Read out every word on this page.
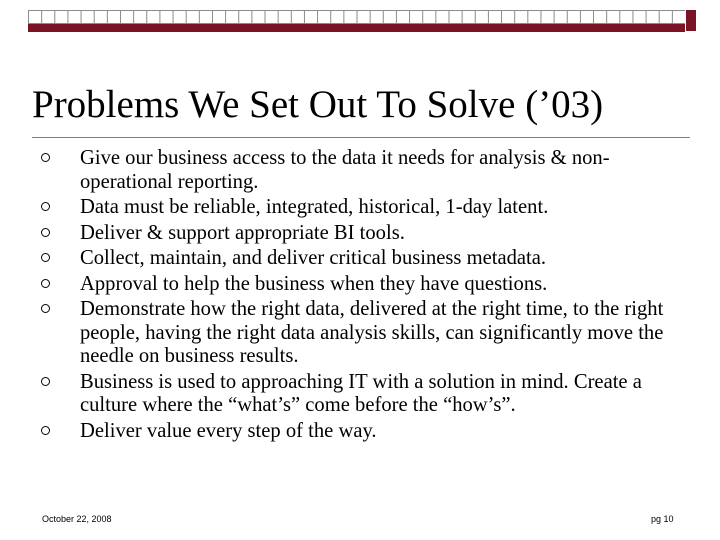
Problems We Set Out To Solve (’03)
Give our business access to the data it needs for analysis & non-operational reporting.
Data must be reliable, integrated, historical, 1-day latent.
Deliver & support appropriate BI tools.
Collect, maintain, and deliver critical business metadata.
Approval to help the business when they have questions.
Demonstrate how the right data, delivered at the right time, to the right people, having the right data analysis skills, can significantly move the needle on business results.
Business is used to approaching IT with a solution in mind. Create a culture where the “what’s” come before the “how’s”.
Deliver value every step of the way.
October 22, 2008	pg 10
